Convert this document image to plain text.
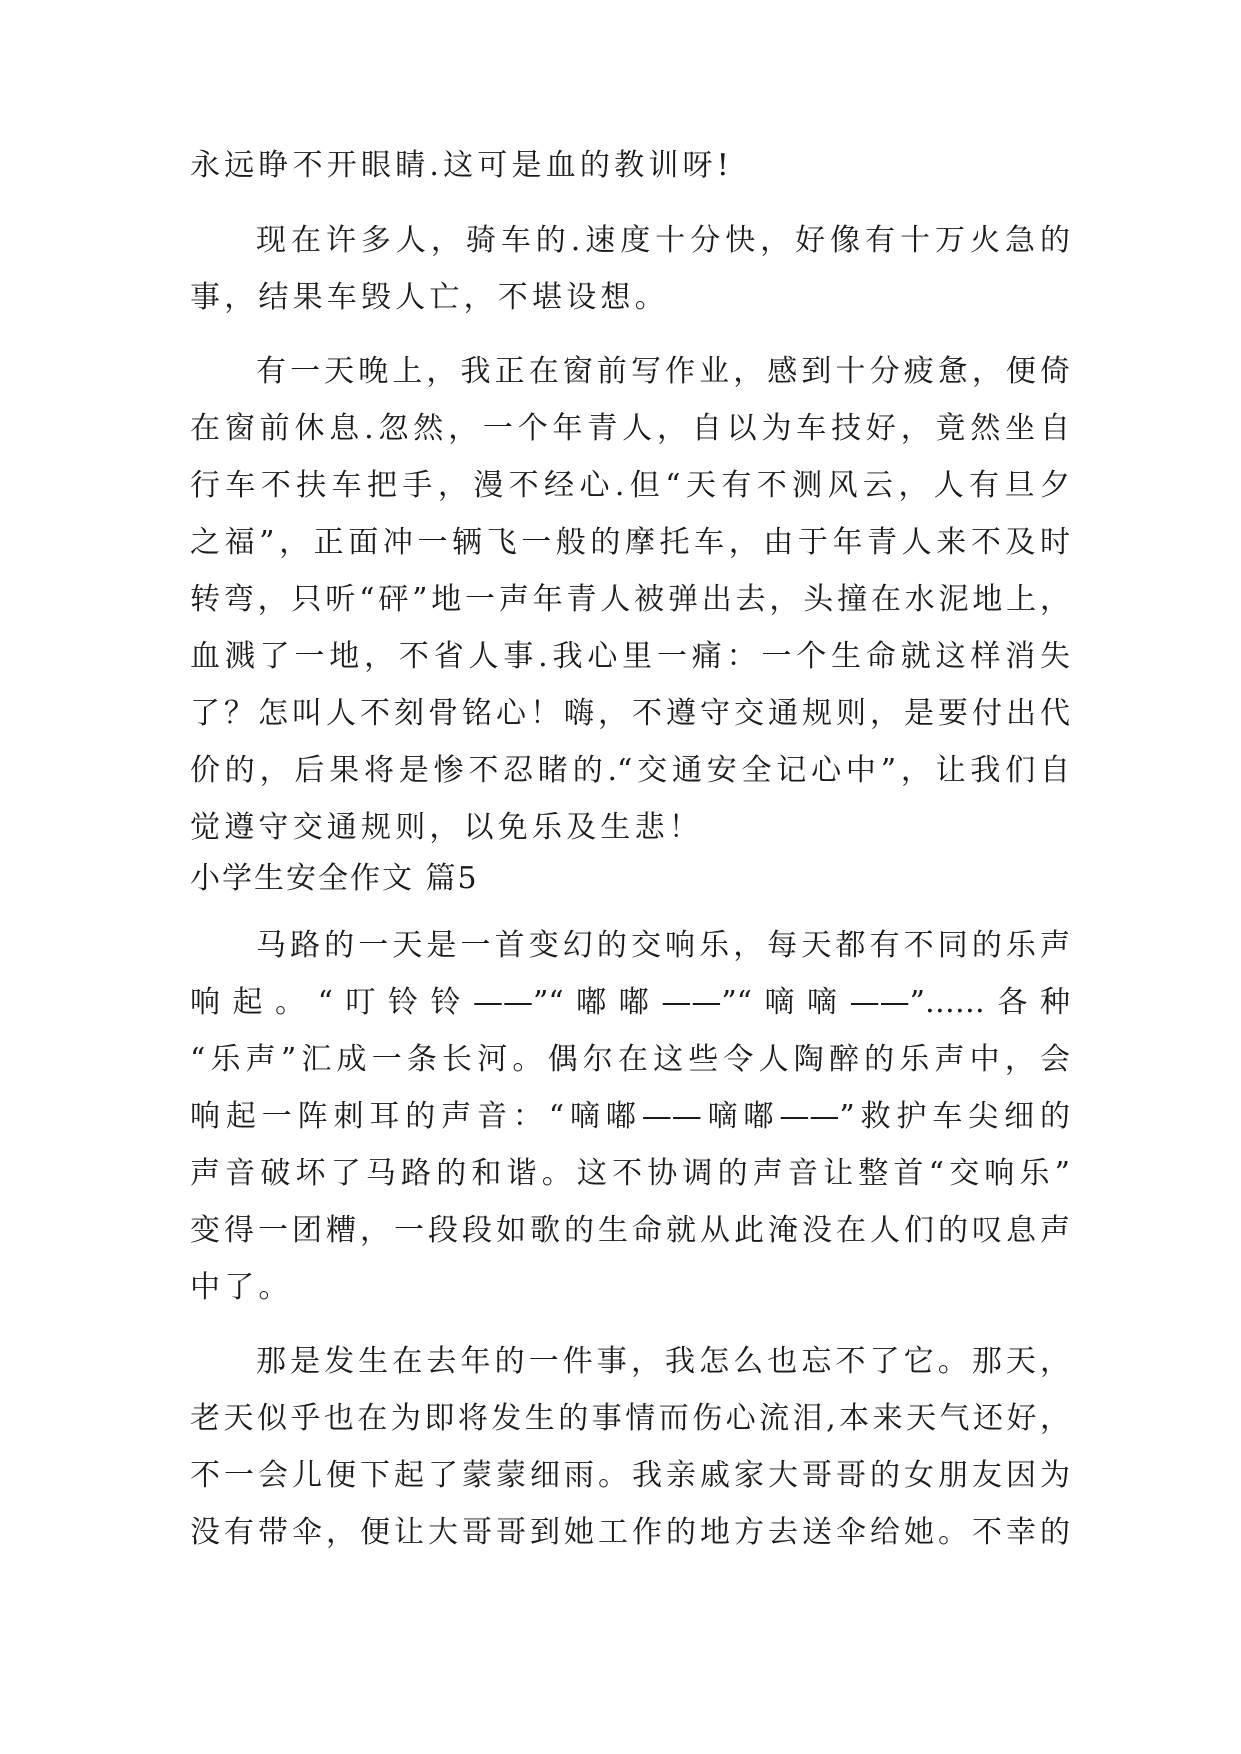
永远睁不开眼睛.这可是血的教训呀!
现在许多人，骑车的.速度十分快，好像有十万火急的
事，结果车毁人亡，不堪设想。
有一天晚上，我正在窗前写作业，感到十分疲惫，便倚
在窗前休息.忽然，一个年青人，自以为车技好，竟然坐自
行车不扶车把手，漫不经心.但“天有不测风云，人有旦夕
之福”，正面冲一辆飞一般的摩托车，由于年青人来不及时
转弯，只听“砰”地一声年青人被弹出去，头撞在水泥地上，
血溅了一地，不省人事.我心里一痛：一个生命就这样消失
了？怎叫人不刻骨铭心！嗨，不遵守交通规则，是要付出代
价的，后果将是惨不忍睹的.“交通安全记心中”，让我们自
觉遵守交通规则，以免乐及生悲！
小学生安全作文 篇5
马路的一天是一首变幻的交响乐，每天都有不同的乐声
响起。“叮铃铃——”“嘟嘟——”“嘀嘀——”……各种
“乐声”汇成一条长河。偶尔在这些令人陶醉的乐声中，会
响起一阵刺耳的声音：“嘀嘟——嘀嘟——”救护车尖细的
声音破坏了马路的和谐。这不协调的声音让整首“交响乐”
变得一团糟，一段段如歌的生命就从此淹没在人们的叹息声
中了。
那是发生在去年的一件事，我怎么也忘不了它。那天，
老天似乎也在为即将发生的事情而伤心流泪,本来天气还好，
不一会儿便下起了蒙蒙细雨。我亲戚家大哥哥的女朋友因为
没有带伞，便让大哥哥到她工作的地方去送伞给她。不幸的
